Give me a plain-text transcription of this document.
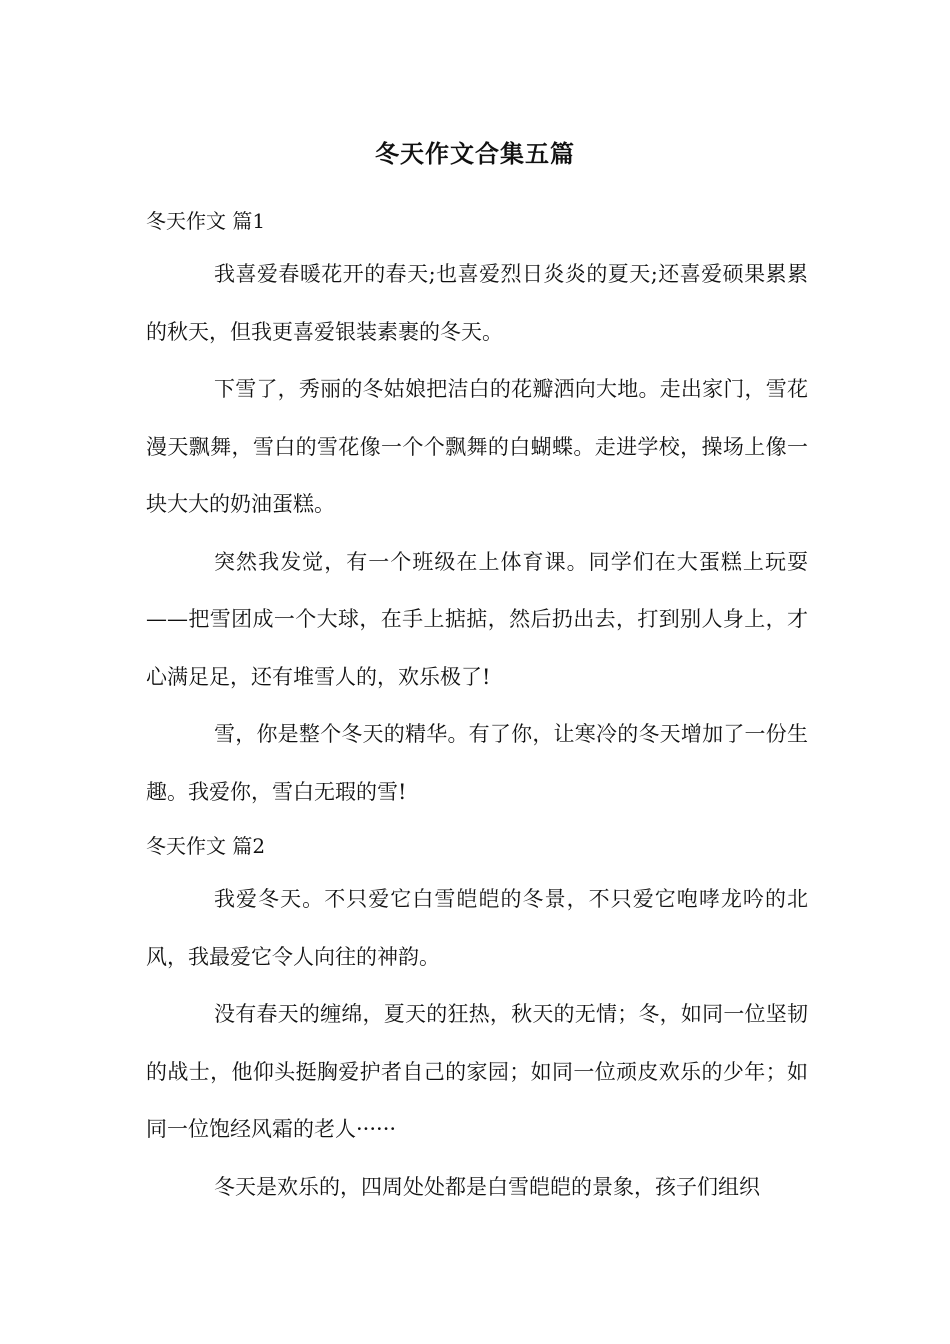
冬天作文合集五篇
冬天作文 篇1

我喜爱春暖花开的春天;也喜爱烈日炎炎的夏天;还喜爱硕果累累的秋天，但我更喜爱银装素裹的冬天。

下雪了，秀丽的冬姑娘把洁白的花瓣洒向大地。走出家门，雪花漫天飘舞，雪白的雪花像一个个飘舞的白蝴蝶。走进学校，操场上像一块大大的奶油蛋糕。

突然我发觉，有一个班级在上体育课。同学们在大蛋糕上玩耍——把雪团成一个大球，在手上掂掂，然后扔出去，打到别人身上，才心满足足，还有堆雪人的，欢乐极了!

雪，你是整个冬天的精华。有了你，让寒冷的冬天增加了一份生趣。我爱你，雪白无瑕的雪!

冬天作文 篇2

我爱冬天。不只爱它白雪皑皑的冬景，不只爱它咆哮龙吟的北风，我最爱它令人向往的神韵。

没有春天的缠绵，夏天的狂热，秋天的无情；冬，如同一位坚韧的战士，他仰头挺胸爱护者自己的家园；如同一位顽皮欢乐的少年；如同一位饱经风霜的老人······

冬天是欢乐的，四周处处都是白雪皑皑的景象，孩子们组织
